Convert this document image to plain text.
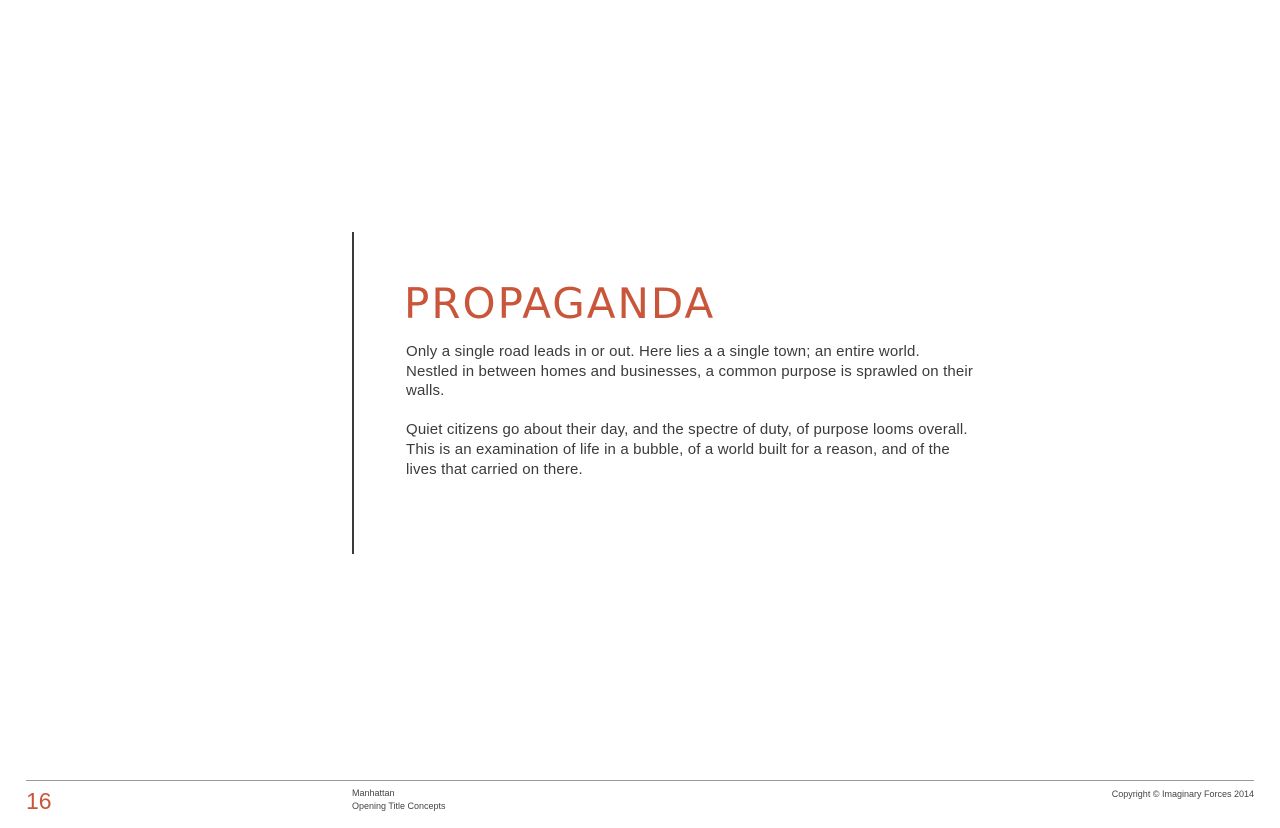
PROPAGANDA

Only a single road leads in or out. Here lies a a single town; an entire world.
Nestled in between homes and businesses, a common purpose is sprawled on their
walls.

Quiet citizens go about their day, and the spectre of duty, of purpose looms overall.
This is an examination of life in a bubble, of a world built for a reason, and of the
lives that carried on there.

16	Manhattan
Opening Title Concepts
Copyright © Imaginary Forces 2014
